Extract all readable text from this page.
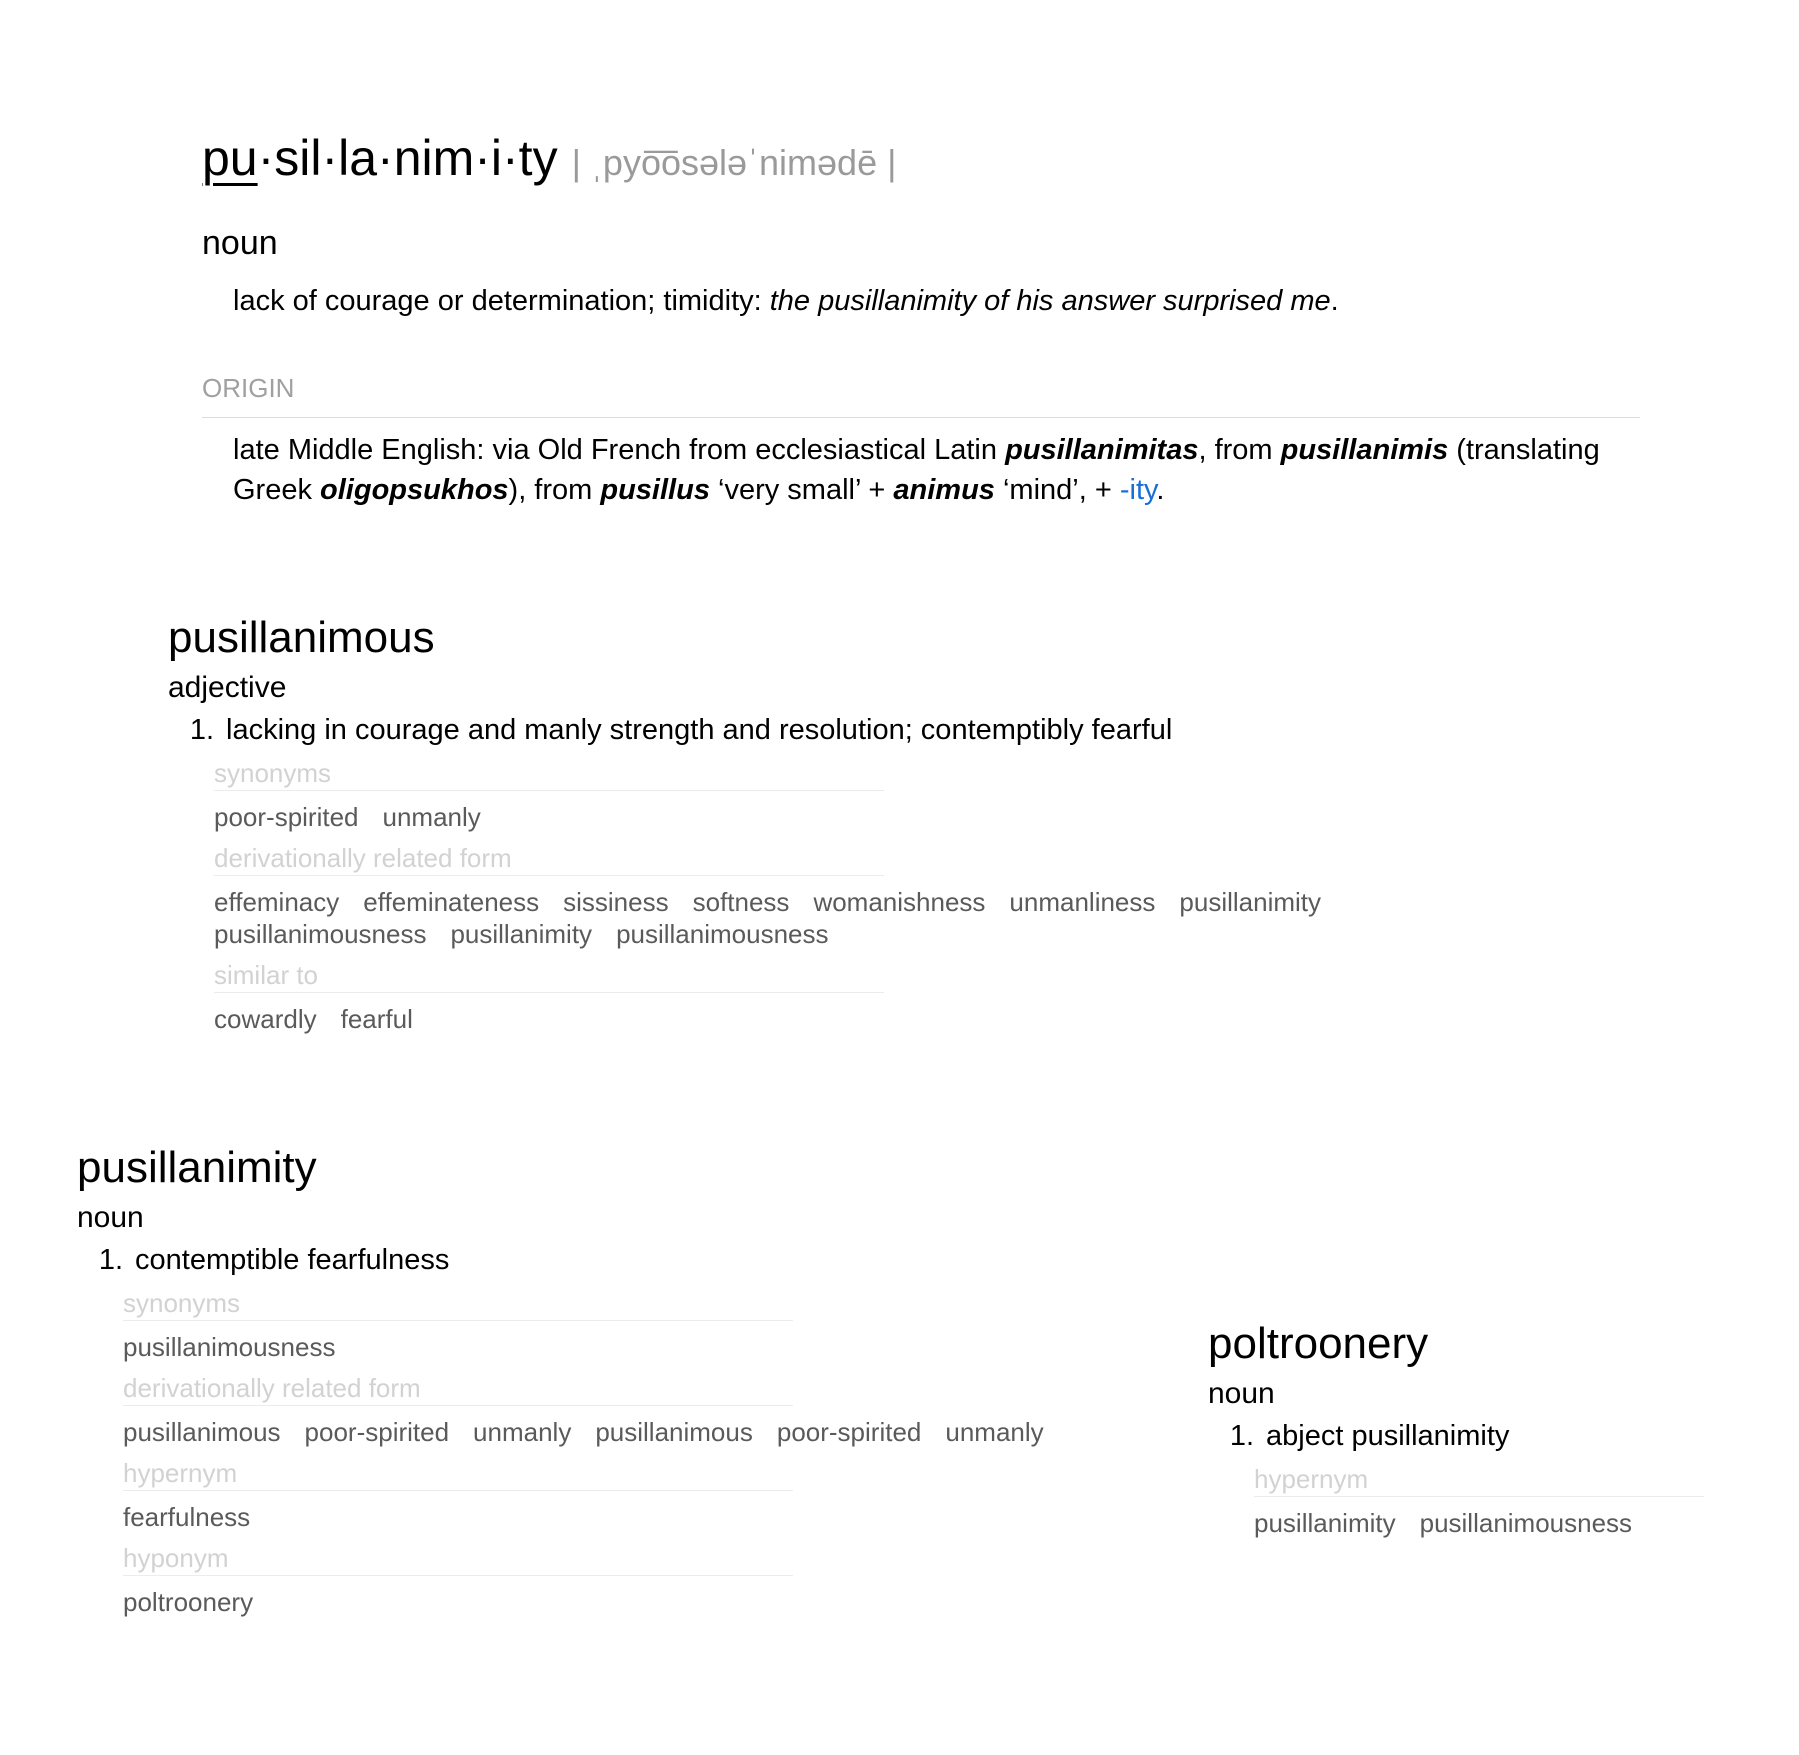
pu·sil·la·nim·i·ty | ˌpyo͞osələˈnimədē |
noun
lack of courage or determination; timidity: the pusillanimity of his answer surprised me.
ORIGIN
late Middle English: via Old French from ecclesiastical Latin pusillanimitas, from pusillanimis (translating Greek oligopsukhos), from pusillus ‘very small’ + animus ‘mind’, + -ity.
pusillanimous
adjective
1. lacking in courage and manly strength and resolution; contemptibly fearful
synonyms
poor-spirited unmanly
derivationally related form
effeminacy effeminateness sissiness softness womanishness unmanliness pusillanimity
pusillanimousness pusillanimity pusillanimousness
similar to
cowardly fearful
pusillanimity
noun
1. contemptible fearfulness
synonyms
pusillanimousness
derivationally related form
pusillanimous poor-spirited unmanly pusillanimous poor-spirited unmanly
hypernym
fearfulness
hyponym
poltroonery
poltroonery
noun
1. abject pusillanimity
hypernym
pusillanimity pusillanimousness
